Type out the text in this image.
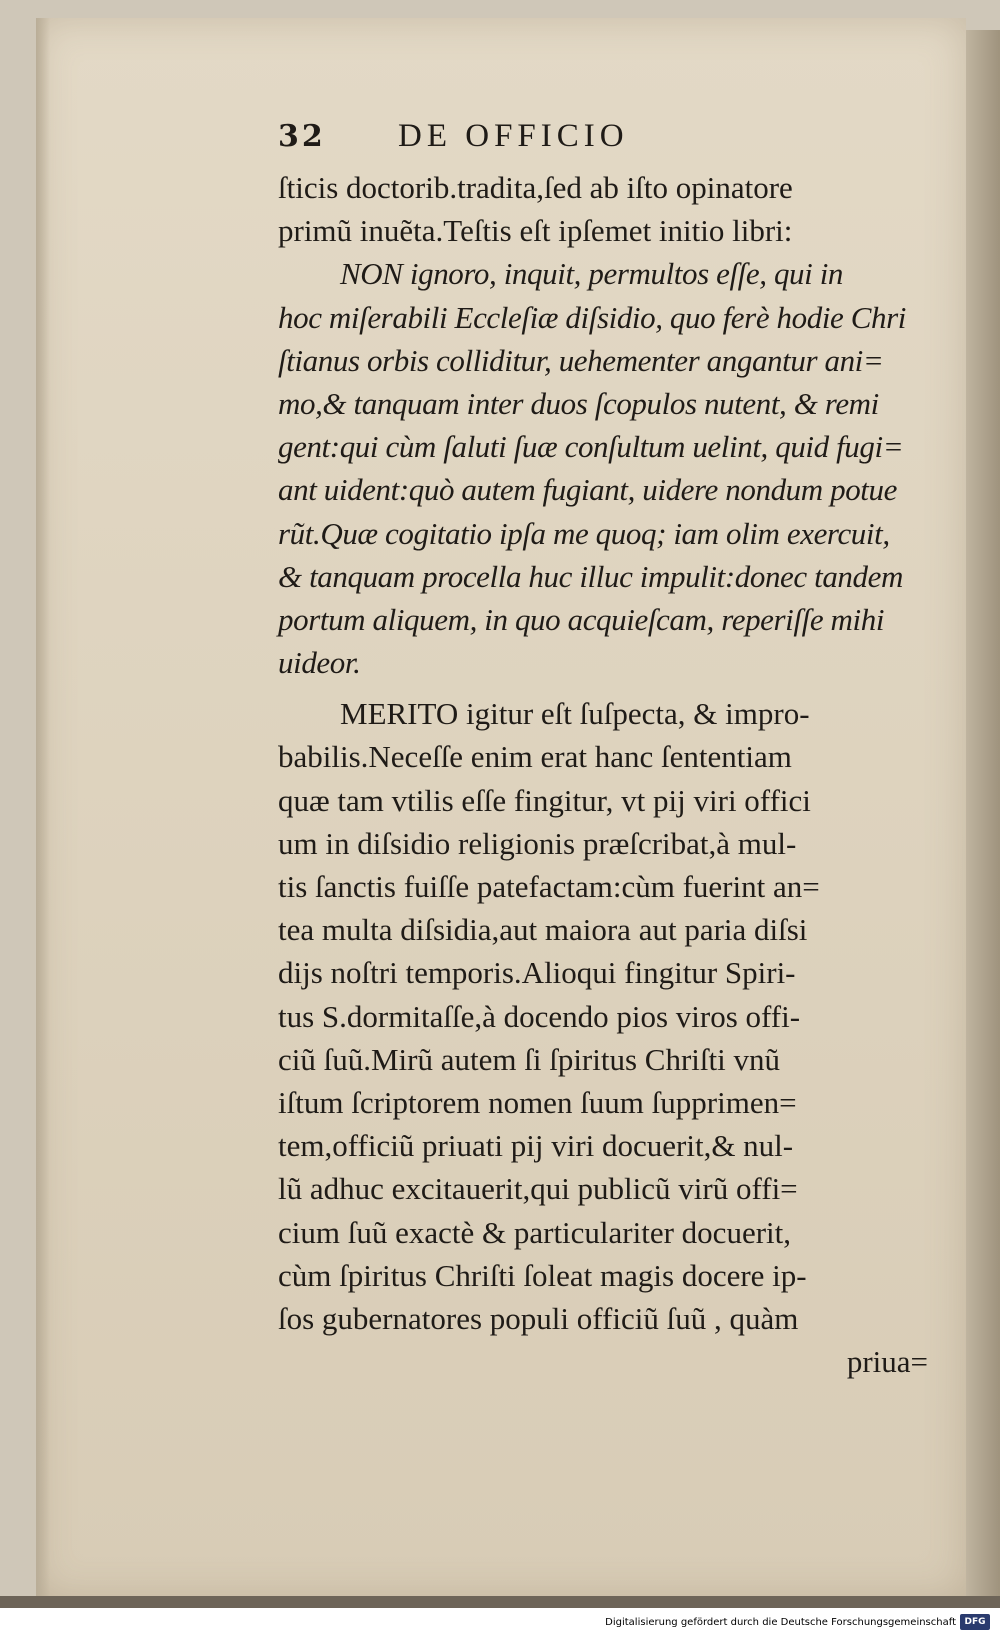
32	DE OFFICIO
ſticis doctorib.tradita,ſed ab iſto opinatore
primũ inuẽta.Teſtis eſt ipſemet initio libri:
NON ignoro, inquit, permultos eſſe, qui in
hoc miſerabili Eccleſiæ diſsidio, quo ferè hodie Chri
ſtianus orbis colliditur, uehementer angantur ani=
mo,& tanquam inter duos ſcopulos nutent, & remi
gent:qui cùm ſaluti ſuæ conſultum uelint, quid fugi=
ant uident:quò autem fugiant, uidere nondum potue
rũt.Quæ cogitatio ipſa me quoq; iam olim exercuit,
& tanquam procella huc illuc impulit:donec tandem
portum aliquem, in quo acquieſcam, reperiſſe mihi
uideor.
MERITO igitur eſt ſuſpecta, & impro-
babilis.Neceſſe enim erat hanc ſententiam
quæ tam vtilis eſſe fingitur, vt pij viri offici
um in diſsidio religionis præſcribat,à mul-
tis ſanctis fuiſſe patefactam:cùm fuerint an=
tea multa diſsidia,aut maiora aut paria diſsi
dijs noſtri temporis.Alioqui fingitur Spiri-
tus S.dormitaſſe,à docendo pios viros offi-
ciũ ſuũ.Mirũ autem ſi ſpiritus Chriſti vnũ
iſtum ſcriptorem nomen ſuum ſupprimen=
tem,officiũ priuati pij viri docuerit,& nul-
lũ adhuc excitauerit,qui publicũ virũ offi=
cium ſuũ exactè & particulariter docuerit,
cùm ſpiritus Chriſti ſoleat magis docere ip-
ſos gubernatores populi officiũ ſuũ , quàm
priua=
Digitalisierung gefördert durch die Deutsche Forschungsgemeinschaft DFG
